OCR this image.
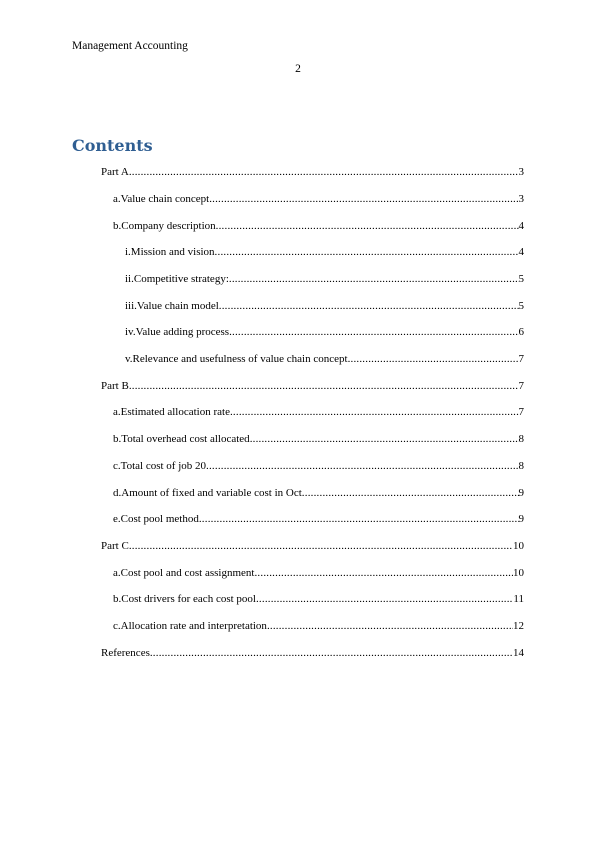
Management Accounting
2
Contents
Part A .....	3
a.Value chain concept .....	3
b.Company description .....	4
i.Mission and vision .....	4
ii.Competitive strategy: .....	5
iii.Value chain model .....	5
iv.Value adding process .....	6
v.Relevance and usefulness of value chain concept .....	7
Part B .....	7
a.Estimated allocation rate .....	7
b.Total overhead cost allocated .....	8
c.Total cost of job 20 .....	8
d.Amount of fixed and variable cost in Oct .....	9
e.Cost pool method .....	9
Part C .....	10
a.Cost pool and cost assignment .....	10
b.Cost drivers for each cost pool .....	11
c.Allocation rate and interpretation .....	12
References .....	14
